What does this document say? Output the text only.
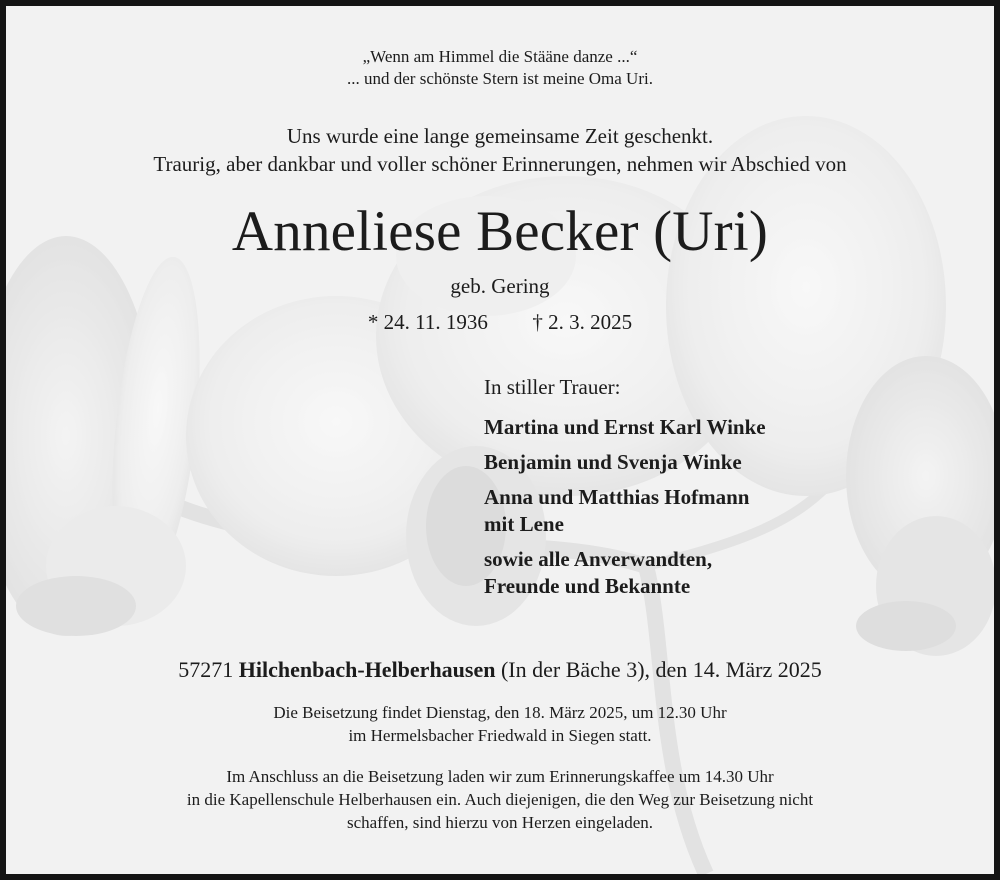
„Wenn am Himmel die Stääne danze ...“
... und der schönste Stern ist meine Oma Uri.
Uns wurde eine lange gemeinsame Zeit geschenkt.
Traurig, aber dankbar und voller schöner Erinnerungen, nehmen wir Abschied von
Anneliese Becker (Uri)
geb. Gering
* 24. 11. 1936 † 2. 3. 2025
In stiller Trauer:
Martina und Ernst Karl Winke
Benjamin und Svenja Winke
Anna und Matthias Hofmann
mit Lene
sowie alle Anverwandten,
Freunde und Bekannte
57271 Hilchenbach-Helberhausen (In der Bäche 3), den 14. März 2025
Die Beisetzung findet Dienstag, den 18. März 2025, um 12.30 Uhr
im Hermelsbacher Friedwald in Siegen statt.
Im Anschluss an die Beisetzung laden wir zum Erinnerungskaffee um 14.30 Uhr
in die Kapellenschule Helberhausen ein. Auch diejenigen, die den Weg zur Beisetzung nicht
schaffen, sind hierzu von Herzen eingeladen.
